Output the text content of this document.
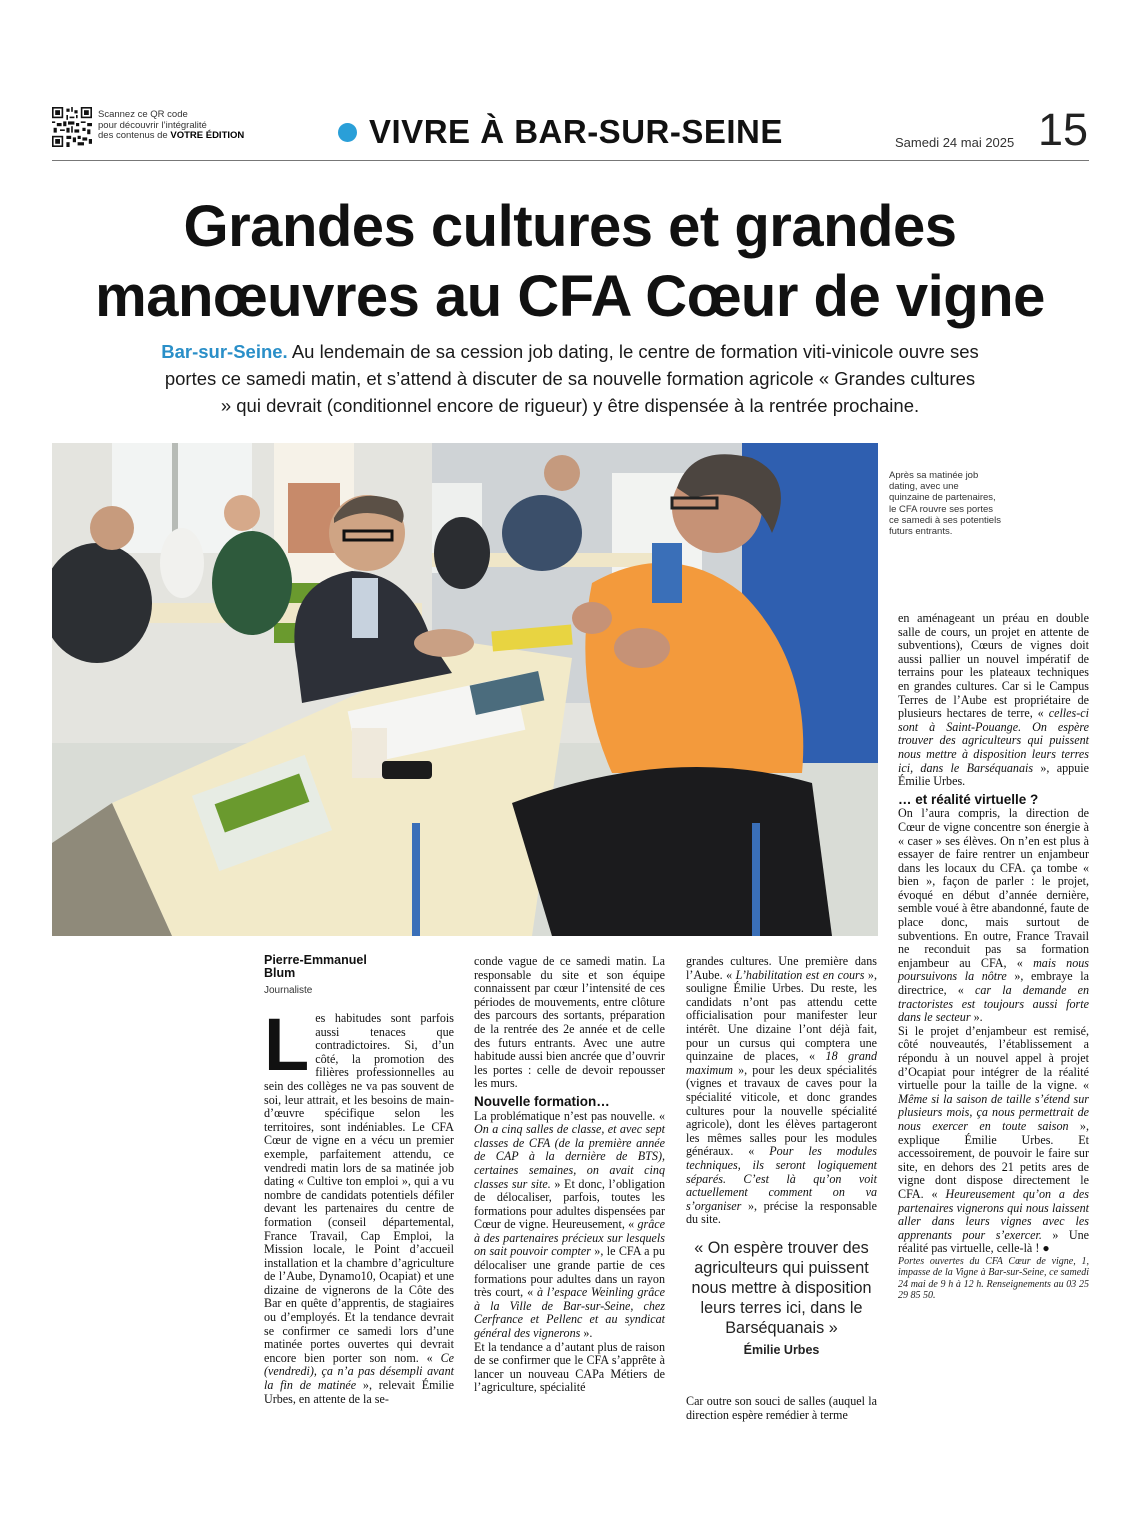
Scannez ce QR code
pour découvrir l’intégralité
des contenus de VOTRE ÉDITION	VIVRE À BAR-SUR-SEINE	Samedi 24 mai 2025 15
Grandes cultures et grandes
manœuvres au CFA Cœur de vigne
Bar-sur-Seine. Au lendemain de sa cession job dating, le centre de formation viti-vinicole ouvre ses portes ce samedi matin, et s’attend à discuter de sa nouvelle formation agricole « Grandes cultures » qui devrait (conditionnel encore de rigueur) y être dispensée à la rentrée prochaine.
Après sa matinée job dating, avec une quinzaine de partenaires, le CFA rouvre ses portes ce samedi à ses potentiels futurs entrants.
Pierre-Emmanuel
Blum
Journaliste

Les habitudes sont parfois aussi tenaces que contradictoires. Si, d’un côté, la promotion des filières professionnelles au sein des collèges ne va pas souvent de soi, leur attrait, et les besoins de main-d’œuvre spécifique selon les territoires, sont indéniables. Le CFA Cœur de vigne en a vécu un premier exemple, parfaitement attendu, ce vendredi matin lors de sa matinée job dating « Cultive ton emploi », qui a vu nombre de candidats potentiels défiler devant les partenaires du centre de formation (conseil départemental, France Travail, Cap Emploi, la Mission locale, le Point d’accueil installation et la chambre d’agriculture de l’Aube, Dynamo10, Ocapiat) et une dizaine de vignerons de la Côte des Bar en quête d’apprentis, de stagiaires ou d’employés. Et la tendance devrait se confirmer ce samedi lors d’une matinée portes ouvertes qui devrait encore bien porter son nom. « Ce (vendredi), ça n’a pas désempli avant la fin de matinée », relevait Émilie Urbes, en attente de la se-

conde vague de ce samedi matin. La responsable du site et son équipe connaissent par cœur l’intensité de ces périodes de mouvements, entre clôture des parcours des sortants, préparation de la rentrée des 2e année et de celle des futurs entrants. Avec une autre habitude aussi bien ancrée que d’ouvrir les portes : celle de devoir repousser les murs.

Nouvelle formation…

La problématique n’est pas nouvelle. « On a cinq salles de classe, et avec sept classes de CFA (de la première année de CAP à la dernière de BTS), certaines semaines, on avait cinq classes sur site. » Et donc, l’obligation de délocaliser, parfois, toutes les formations pour adultes dispensées par Cœur de vigne. Heureusement, « grâce à des partenaires précieux sur lesquels on sait pouvoir compter », le CFA a pu délocaliser une grande partie de ces formations pour adultes dans un rayon très court, « à l’espace Weinling grâce à la Ville de Bar-sur-Seine, chez Cerfrance et Pellenc et au syndicat général des vignerons ».

Et la tendance a d’autant plus de raison de se confirmer que le CFA s’apprête à lancer un nouveau CAPa Métiers de l’agriculture, spécialité

grandes cultures. Une première dans l’Aube. « L’habilitation est en cours », souligne Émilie Urbes. Du reste, les candidats n’ont pas attendu cette officialisation pour manifester leur intérêt. Une dizaine l’ont déjà fait, pour un cursus qui comptera une quinzaine de places, « 18 grand maximum », pour les deux spécialités (vignes et travaux de caves pour la spécialité viticole, et donc grandes cultures pour la nouvelle spécialité agricole), dont les élèves partageront les mêmes salles pour les modules généraux. « Pour les modules techniques, ils seront logiquement séparés. C’est là qu’on voit actuellement comment on va s’organiser », précise la responsable du site.

« On espère trouver des agriculteurs qui puissent nous mettre à disposition leurs terres ici, dans le Barséquanais »
Émilie Urbes

Car outre son souci de salles (auquel la direction espère remédier à terme

en aménageant un préau en double salle de cours, un projet en attente de subventions), Cœurs de vignes doit aussi pallier un nouvel impératif de terrains pour les plateaux techniques en grandes cultures. Car si le Campus Terres de l’Aube est propriétaire de plusieurs hectares de terre, « celles-ci sont à Saint-Pouange. On espère trouver des agriculteurs qui puissent nous mettre à disposition leurs terres ici, dans le Barséquanais », appuie Émilie Urbes.

… et réalité virtuelle ?

On l’aura compris, la direction de Cœur de vigne concentre son énergie à « caser » ses élèves. On n’en est plus à essayer de faire rentrer un enjambeur dans les locaux du CFA. ça tombe « bien », façon de parler : le projet, évoqué en début d’année dernière, semble voué à être abandonné, faute de place donc, mais surtout de subventions. En outre, France Travail ne reconduit pas sa formation enjambeur au CFA, « mais nous poursuivons la nôtre », embraye la directrice, « car la demande en tractoristes est toujours aussi forte dans le secteur ».

Si le projet d’enjambeur est remisé, côté nouveautés, l’établissement a répondu à un nouvel appel à projet d’Ocapiat pour intégrer de la réalité virtuelle pour la taille de la vigne. « Même si la saison de taille s’étend sur plusieurs mois, ça nous permettrait de nous exercer en toute saison », explique Émilie Urbes. Et accessoirement, de pouvoir le faire sur site, en dehors des 21 petits ares de vigne dont dispose directement le CFA. « Heureusement qu’on a des partenaires vignerons qui nous laissent aller dans leurs vignes avec les apprenants pour s’exercer. » Une réalité pas virtuelle, celle-là ! ●

Portes ouvertes du CFA Cœur de vigne, 1, impasse de la Vigne à Bar-sur-Seine, ce samedi 24 mai de 9 h à 12 h. Renseignements au 03 25 29 85 50.
